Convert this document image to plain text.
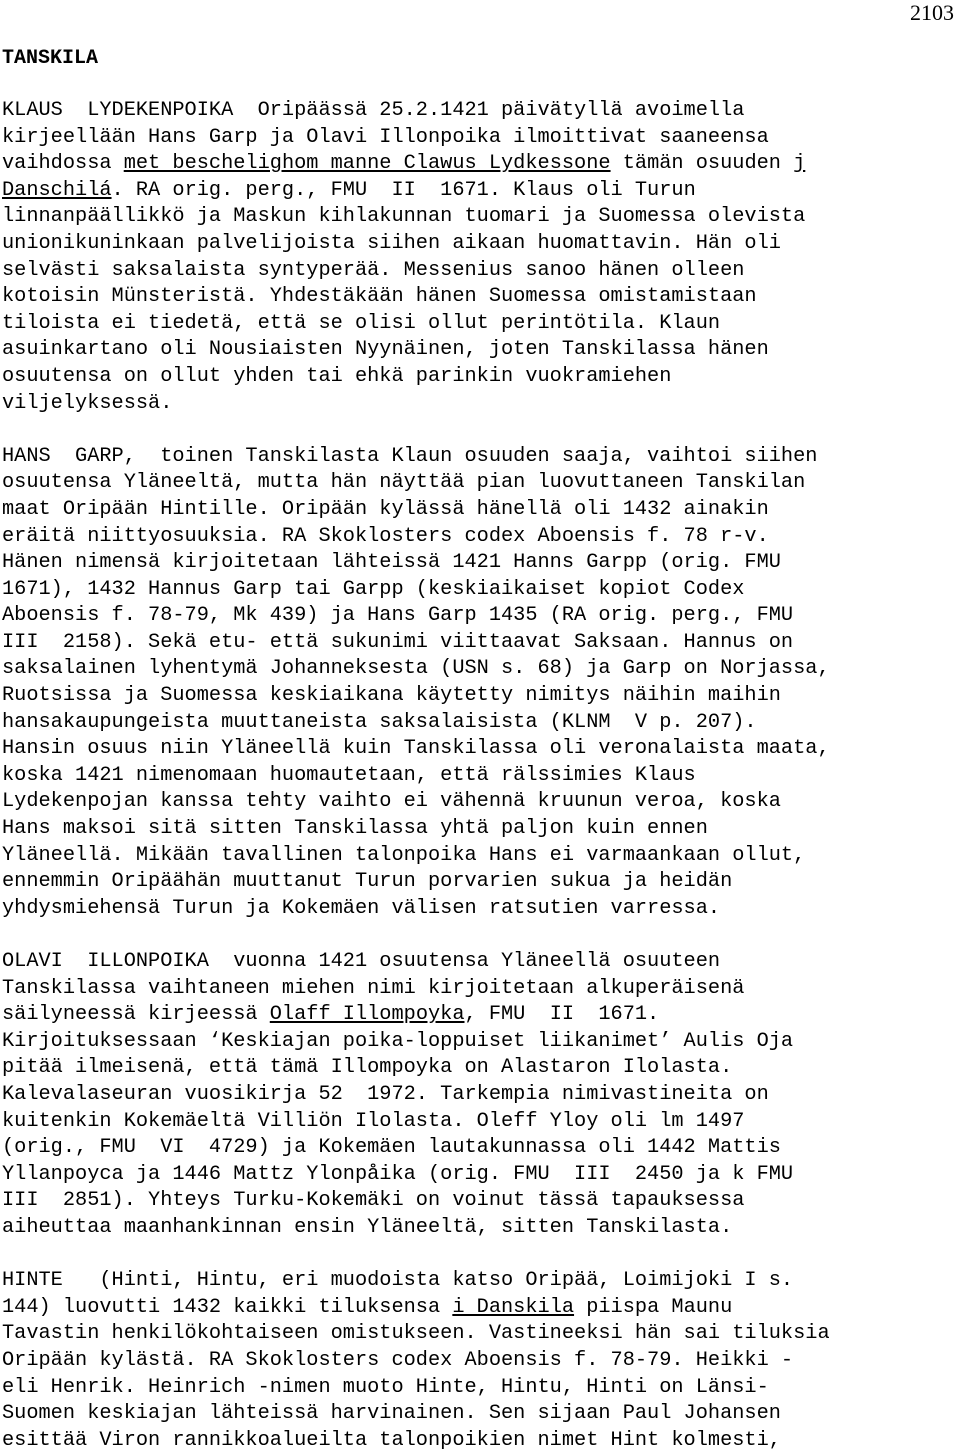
2103
TANSKILA
KLAUS  LYDEKENPOIKA  Oripäässä 25.2.1421 päivätyllä avoimella
kirjeellään Hans Garp ja Olavi Illonpoika ilmoittivat saaneensa
vaihdossa met beschelighom manne Clawus Lydkessone tämän osuuden j
Danschilá. RA orig. perg., FMU  II  1671. Klaus oli Turun
linnanpäällikkö ja Maskun kihlakunnan tuomari ja Suomessa olevista
unionikuninkaan palvelijoista siihen aikaan huomattavin. Hän oli
selvästi saksalaista syntyperää. Messenius sanoo hänen olleen
kotoisin Münsteristä. Yhdestäkään hänen Suomessa omistamistaan
tiloista ei tiedetä, että se olisi ollut perintötila. Klaun
asuinkartano oli Nousiaisten Nyynäinen, joten Tanskilassa hänen
osuutensa on ollut yhden tai ehkä parinkin vuokramiehen
viljelyksessä.
HANS  GARP,  toinen Tanskilasta Klaun osuuden saaja, vaihtoi siihen
osuutensa Yläneeltä, mutta hän näyttää pian luovuttaneen Tanskilan
maat Oripään Hintille. Oripään kylässä hänellä oli 1432 ainakin
eräitä niittyosuuksia. RA Skoklosters codex Aboensis f. 78 r-v.
Hänen nimensä kirjoitetaan lähteissä 1421 Hanns Garpp (orig. FMU
1671), 1432 Hannus Garp tai Garpp (keskiaikaiset kopiot Codex
Aboensis f. 78-79, Mk 439) ja Hans Garp 1435 (RA orig. perg., FMU
III  2158). Sekä etu- että sukunimi viittaavat Saksaan. Hannus on
saksalainen lyhentymä Johanneksesta (USN s. 68) ja Garp on Norjassa,
Ruotsissa ja Suomessa keskiaikana käytetty nimitys näihin maihin
hansakaupungeista muuttaneista saksalaisista (KLNM  V p. 207).
Hansin osuus niin Yläneellä kuin Tanskilassa oli veronalaista maata,
koska 1421 nimenomaan huomautetaan, että rälssimies Klaus
Lydekenpojan kanssa tehty vaihto ei vähennä kruunun veroa, koska
Hans maksoi sitä sitten Tanskilassa yhtä paljon kuin ennen
Yläneellä. Mikään tavallinen talonpoika Hans ei varmaankaan ollut,
ennemmin Oripäähän muuttanut Turun porvarien sukua ja heidän
yhdysmiehensä Turun ja Kokemäen välisen ratsutien varressa.
OLAVI  ILLONPOIKA  vuonna 1421 osuutensa Yläneellä osuuteen
Tanskilassa vaihtaneen miehen nimi kirjoitetaan alkuperäisenä
säilyneessä kirjeessä Olaff Illompoyka, FMU  II  1671.
Kirjoituksessaan ‘Keskiajan poika-loppuiset liikanimet’ Aulis Oja
pitää ilmeisenä, että tämä Illompoyka on Alastaron Ilolasta.
Kalevalaseuran vuosikirja 52  1972. Tarkempia nimivastineita on
kuitenkin Kokemäeltä Villiön Ilolasta. Oleff Yloy oli lm 1497
(orig., FMU  VI  4729) ja Kokemäen lautakunnassa oli 1442 Mattis
Yllanpoyca ja 1446 Mattz Ylonpåika (orig. FMU  III  2450 ja k FMU
III  2851). Yhteys Turku-Kokemäki on voinut tässä tapauksessa
aiheuttaa maanhankinnan ensin Yläneeltä, sitten Tanskilasta.
HINTE   (Hinti, Hintu, eri muodoista katso Oripää, Loimijoki I s.
144) luovutti 1432 kaikki tiluksensa i Danskila piispa Maunu
Tavastin henkilökohtaiseen omistukseen. Vastineeksi hän sai tiluksia
Oripään kylästä. RA Skoklosters codex Aboensis f. 78-79. Heikki -
eli Henrik. Heinrich -nimen muoto Hinte, Hintu, Hinti on Länsi-
Suomen keskiajan lähteissä harvinainen. Sen sijaan Paul Johansen
esittää Viron rannikkoalueilta talonpoikien nimet Hint kolmesti,
